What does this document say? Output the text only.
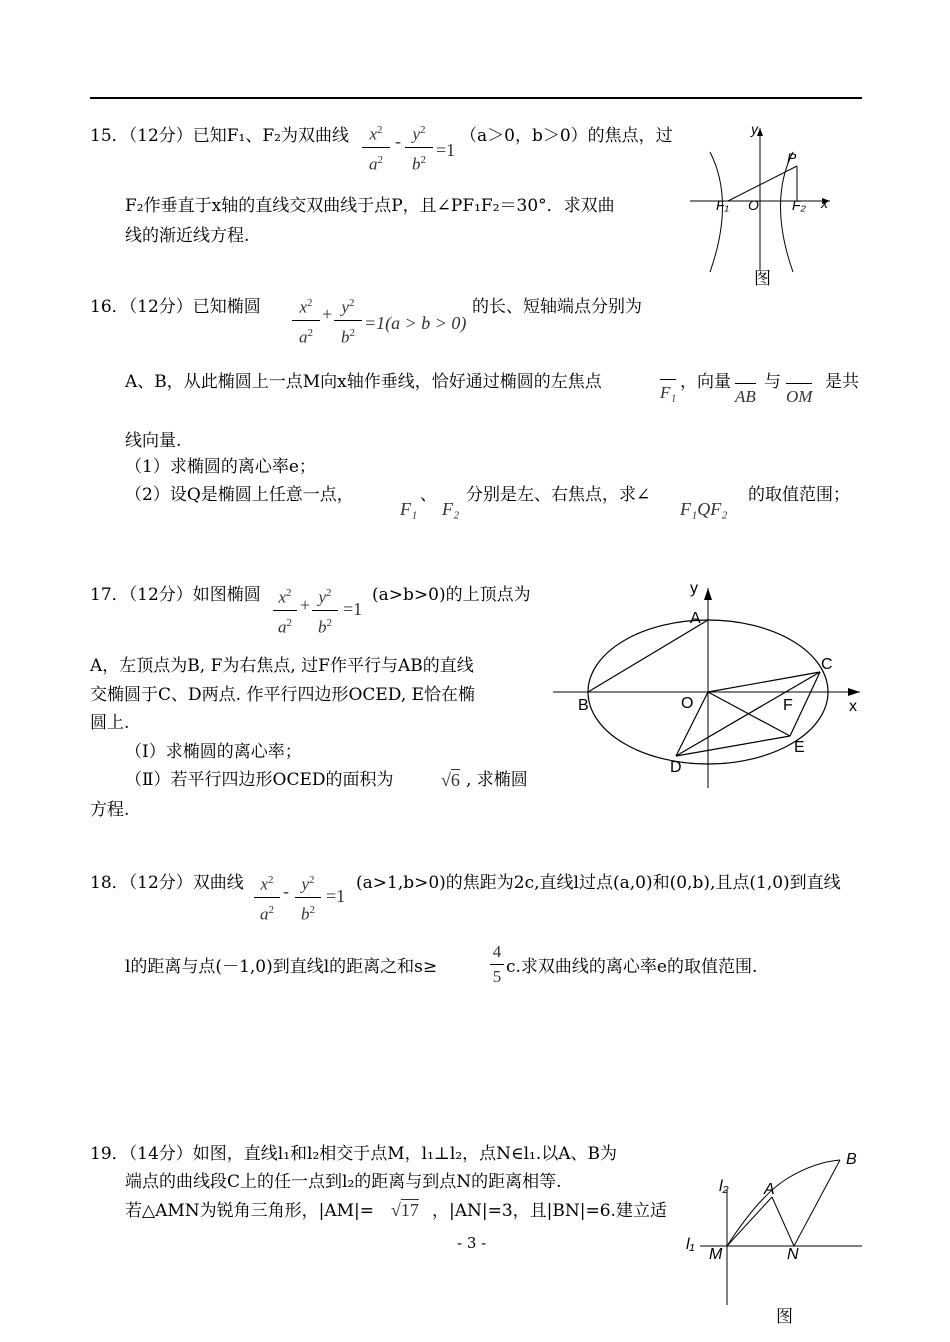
15．（12分）已知F₁、F₂为双曲线	$x^2$
$a^2$
- $y^2$
$b^2 =1$
（a＞0，b＞0）的焦点，过
F₂作垂直于x轴的直线交双曲线于点P，且∠PF₁F₂＝30°．求双曲
线的渐近线方程.
y
x
P
F₁ O F₂
图
16．（12分）已知椭圆	$x^2$
$a^2$
+ $y^2$
$b^2 =1(a > b > 0)$
的长、短轴端点分别为
A、B，从此椭圆上一点M向x轴作垂线，恰好通过椭圆的左焦点
F₁
，向量
AB
与
OM
是共
线向量.
（1）求椭圆的离心率e；
（2）设Q是椭圆上任意一点，
F₁
、
F₂
分别是左、右焦点，求∠
F₁QF₂
的取值范围；
17．（12分）如图椭圆	$x^2$
$a^2$
+ $y^2$
$b^2$
=1
(a>b>0)的上顶点为
A，左顶点为B, F为右焦点, 过F作平行与AB的直线
交椭圆于C、D两点. 作平行四边形OCED, E恰在椭
圆上.
（Ⅰ）求椭圆的离心率；
（Ⅱ）若平行四边形OCED的面积为	√6 , 求椭圆
方程.
y
A
C
B	O	F	x
E
D
18．（12分）双曲线 $x^2$
$a^2$
- $y^2$
$b^2$
=1
(a>1,b>0)的焦距为2c,直线l过点(a,0)和(0,b),且点(1,0)到直线
l的距离与点(－1,0)到直线l的距离之和s≥
4
5 c.求双曲线的离心率e的取值范围.
19．（14分）如图，直线l₁和l₂相交于点M，l₁⊥l₂，点N∈l₁.以A、B为
端点的曲线段C上的任一点到l₂的距离与到点N的距离相等.
若△AMN为锐角三角形，|AM|= √17 ，|AN|=3，且|BN|=6.建立适
B
l₂ A
l₁
M	N
图
- 3 -
